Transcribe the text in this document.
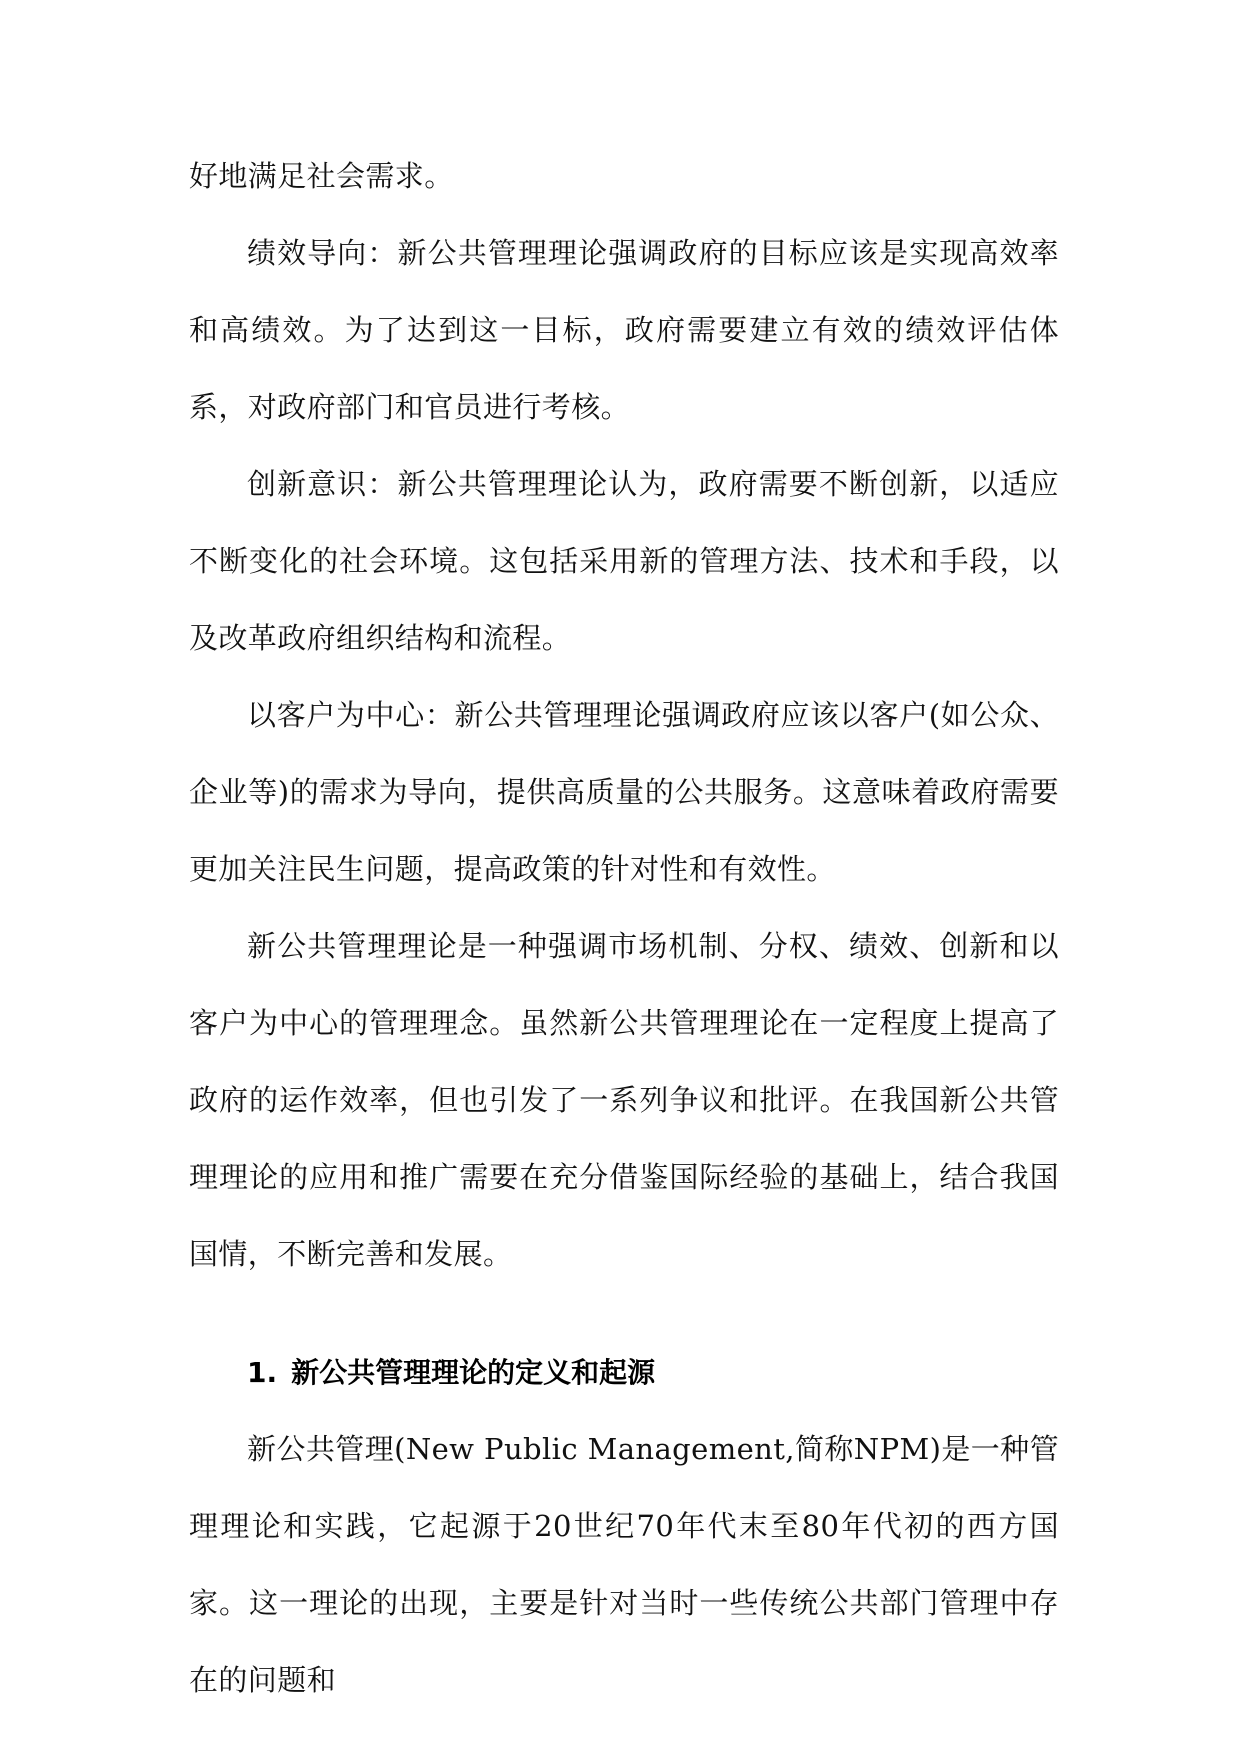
好地满足社会需求。

绩效导向：新公共管理理论强调政府的目标应该是实现高效率和高绩效。为了达到这一目标，政府需要建立有效的绩效评估体系，对政府部门和官员进行考核。

创新意识：新公共管理理论认为，政府需要不断创新，以适应不断变化的社会环境。这包括采用新的管理方法、技术和手段，以及改革政府组织结构和流程。

以客户为中心：新公共管理理论强调政府应该以客户(如公众、企业等)的需求为导向，提供高质量的公共服务。这意味着政府需要更加关注民生问题，提高政策的针对性和有效性。

新公共管理理论是一种强调市场机制、分权、绩效、创新和以客户为中心的管理理念。虽然新公共管理理论在一定程度上提高了政府的运作效率，但也引发了一系列争议和批评。在我国新公共管理理论的应用和推广需要在充分借鉴国际经验的基础上，结合我国国情，不断完善和发展。

1. 新公共管理理论的定义和起源

新公共管理(New Public Management,简称NPM)是一种管理理论和实践，它起源于20世纪70年代末至80年代初的西方国家。这一理论的出现，主要是针对当时一些传统公共部门管理中存在的问题和
